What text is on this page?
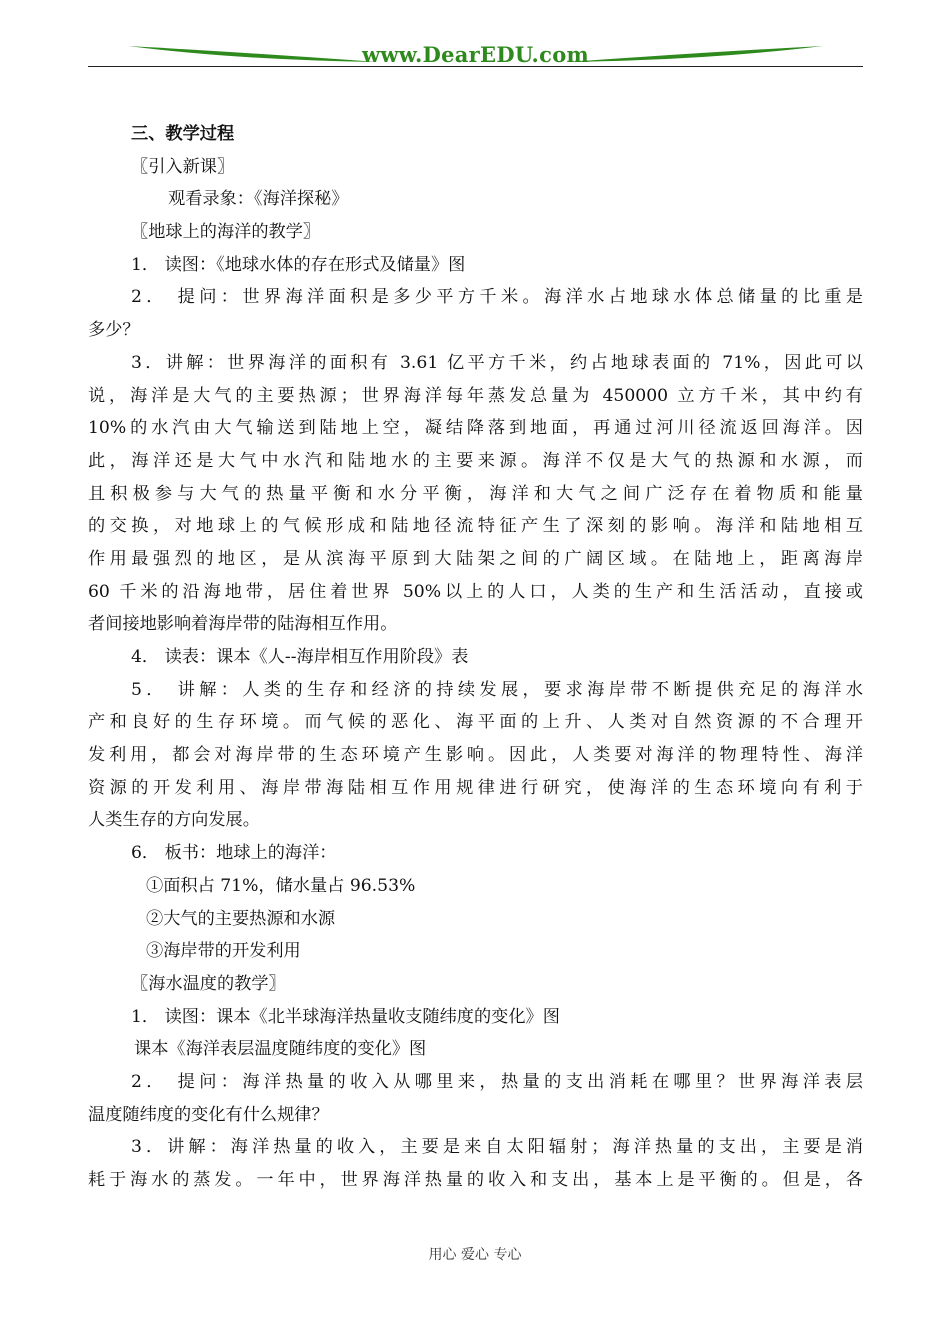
www.DearEDU.com
三、教学过程
〖引入新课〗
观看录象：《海洋探秘》
〖地球上的海洋的教学〗
1． 读图：《地球水体的存在形式及储量》图
2． 提问：世界海洋面积是多少平方千米。海洋水占地球水体总储量的比重是
多少？
3．讲解：世界海洋的面积有 3.61 亿平方千米，约占地球表面的 71%，因此可以
说，海洋是大气的主要热源；世界海洋每年蒸发总量为 450000 立方千米，其中约有
10%的水汽由大气输送到陆地上空，凝结降落到地面，再通过河川径流返回海洋。因
此，海洋还是大气中水汽和陆地水的主要来源。海洋不仅是大气的热源和水源，而
且积极参与大气的热量平衡和水分平衡，海洋和大气之间广泛存在着物质和能量
的交换，对地球上的气候形成和陆地径流特征产生了深刻的影响。海洋和陆地相互
作用最强烈的地区，是从滨海平原到大陆架之间的广阔区域。在陆地上，距离海岸
60 千米的沿海地带，居住着世界 50%以上的人口，人类的生产和生活活动，直接或
者间接地影响着海岸带的陆海相互作用。
4． 读表：课本《人--海岸相互作用阶段》表
5． 讲解：人类的生存和经济的持续发展，要求海岸带不断提供充足的海洋水
产和良好的生存环境。而气候的恶化、海平面的上升、人类对自然资源的不合理开
发利用，都会对海岸带的生态环境产生影响。因此，人类要对海洋的物理特性、海洋
资源的开发利用、海岸带海陆相互作用规律进行研究，使海洋的生态环境向有利于
人类生存的方向发展。
6． 板书：地球上的海洋：
①面积占 71%，储水量占 96.53%
②大气的主要热源和水源
③海岸带的开发利用
〖海水温度的教学〗
1． 读图：课本《北半球海洋热量收支随纬度的变化》图
课本《海洋表层温度随纬度的变化》图
2． 提问：海洋热量的收入从哪里来，热量的支出消耗在哪里？世界海洋表层
温度随纬度的变化有什么规律？
3．讲解：海洋热量的收入，主要是来自太阳辐射；海洋热量的支出，主要是消
耗于海水的蒸发。一年中，世界海洋热量的收入和支出，基本上是平衡的。但是，各
用心 爱心 专心
